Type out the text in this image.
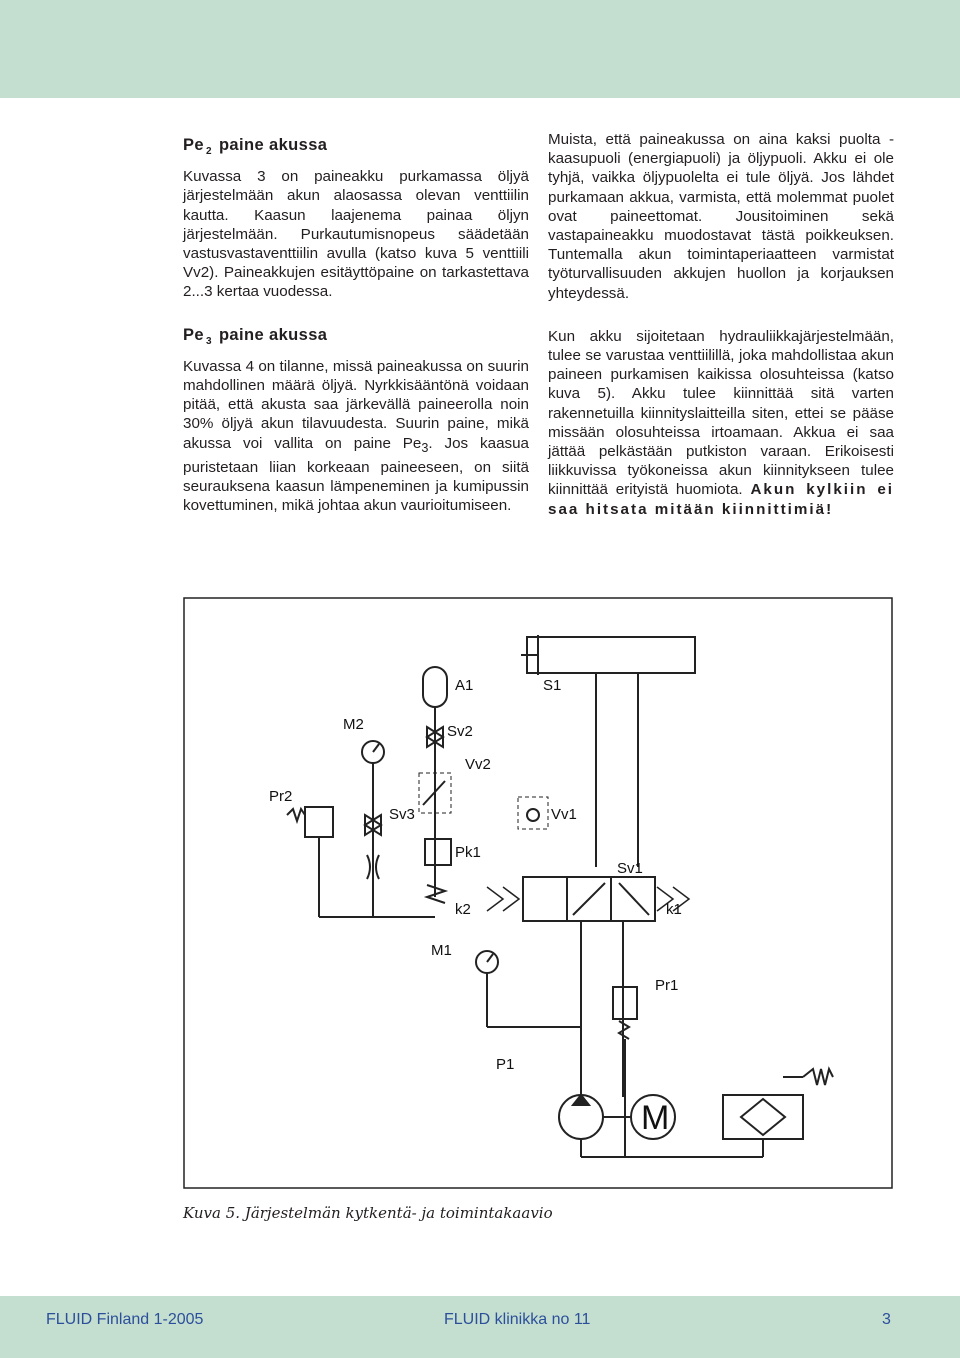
Pe $_2$ paine akussa

Kuvassa 3 on paineakku purkamassa öljyä järjestelmään akun alaosassa olevan venttiilin kautta. Kaasun laajenema painaa öljyn järjestelmään. Purkautumisnopeus säädetään vastusvastaventtiilin avulla (katso kuva 5 venttiili Vv2). Paineakkujen esitäyttöpaine on tarkastettava 2...3 kertaa vuodessa.

Pe $_3$ paine akussa

Kuvassa 4 on tilanne, missä paineakussa on suurin mahdollinen määrä öljyä. Nyrkkisääntönä voidaan pitää, että akusta saa järkevällä paineerolla noin 30% öljyä akun tilavuudesta. Suurin paine, mikä akussa voi vallita on paine $Pe_3$. Jos kaasua puristetaan liian korkeaan paineeseen, on siitä seurauksena kaasun lämpeneminen ja kumipussin kovettuminen, mikä johtaa akun vaurioitumiseen.

Muista, että paineakussa on aina kaksi puolta - kaasupuoli (energiapuoli) ja öljypuoli. Akku ei ole tyhjä, vaikka öljypuolelta ei tule öljyä. Jos lähdet purkamaan akkua, varmista, että molemmat puolet ovat paineettomat. Jousitoiminen sekä vastapaineakku muodostavat tästä poikkeuksen. Tuntemalla akun toimintaperiaatteen varmistat työturvallisuuden akkujen huollon ja korjauksen yhteydessä.

Kun akku sijoitetaan hydrauliikkajärjestelmään, tulee se varustaa venttiilillä, joka mahdollistaa akun paineen purkamisen kaikissa olosuhteissa (katso kuva 5). Akku tulee kiinnittää sitä varten rakennetuilla kiinnityslaitteilla siten, ettei se pääse missään olosuhteissa irtoamaan. Akkua ei saa jättää pelkästään putkiston varaan. Erikoisesti liikkuvissa työkoneissa akun kiinnitykseen tulee kiinnittää erityistä huomiota. Akun kylkiin ei saa hitsata mitään kiinnittimiä!

A1	S1
M2	Sv2
Vv2
Pr2
Sv3	Vv1
Pk1
Sv1
k2	k1
M1
Pr1
P1
M
Kuva 5. Järjestelmän kytkentä- ja toimintakaavio
FLUID Finland 1-2005	FLUID klinikka no 11	3
